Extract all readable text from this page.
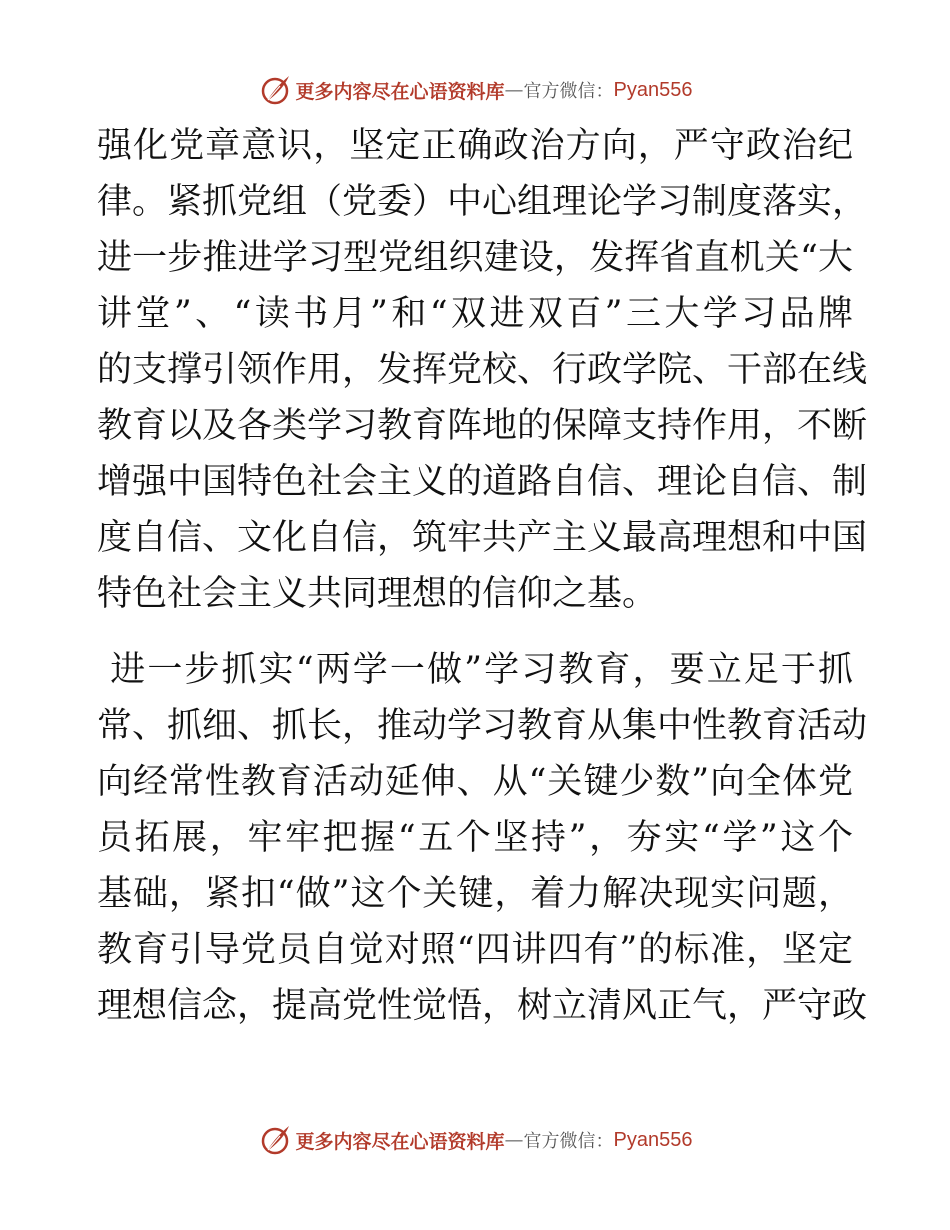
更多内容尽在心语资料库 — 官方微信： Pyan556
强化党章意识，坚定正确政治方向，严守政治纪
律。紧抓党组（党委）中心组理论学习制度落实，
进一步推进学习型党组织建设，发挥省直机关“大
讲堂”、“读书月”和“双进双百”三大学习品牌
的支撑引领作用，发挥党校、行政学院、干部在线
教育以及各类学习教育阵地的保障支持作用，不断
增强中国特色社会主义的道路自信、理论自信、制
度自信、文化自信，筑牢共产主义最高理想和中国
特色社会主义共同理想的信仰之基。
进一步抓实“两学一做”学习教育，要立足于抓
常、抓细、抓长，推动学习教育从集中性教育活动
向经常性教育活动延伸、从“关键少数”向全体党
员拓展，牢牢把握“五个坚持”，夯实“学”这个
基础，紧扣“做”这个关键，着力解决现实问题，
教育引导党员自觉对照“四讲四有”的标准，坚定
理想信念，提高党性觉悟，树立清风正气，严守政
更多内容尽在心语资料库 — 官方微信： Pyan556
